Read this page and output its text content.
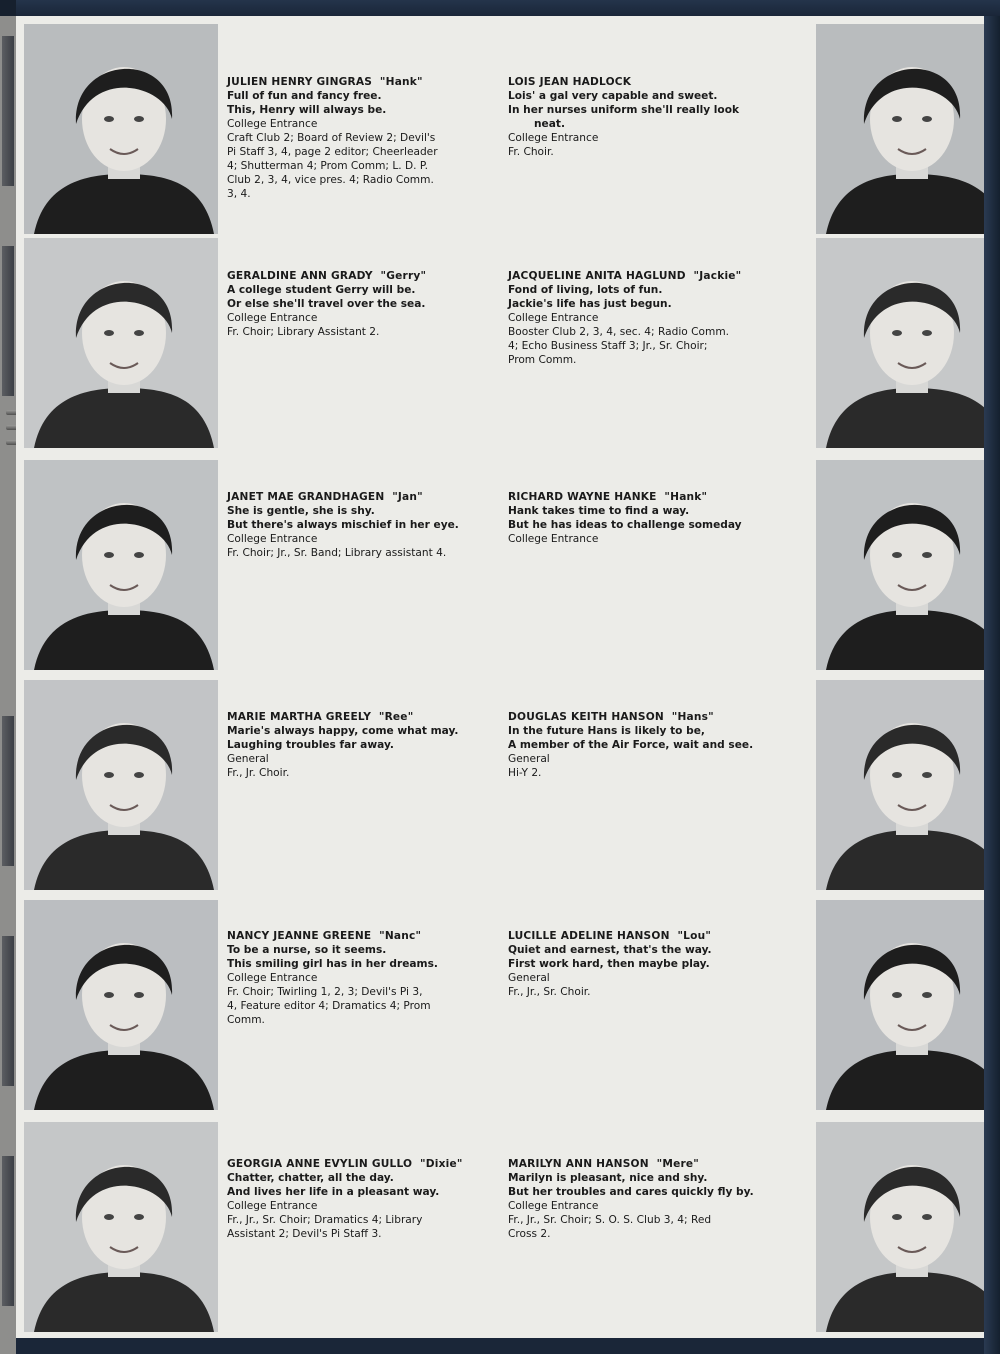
JULIEN HENRY GINGRAS "Hank"
Full of fun and fancy free.
This, Henry will always be.
College Entrance
Craft Club 2; Board of Review 2; Devil's
Pi Staff 3, 4, page 2 editor; Cheerleader
4; Shutterman 4; Prom Comm; L. D. P.
Club 2, 3, 4, vice pres. 4; Radio Comm.
3, 4.
GERALDINE ANN GRADY "Gerry"
A college student Gerry will be.
Or else she'll travel over the sea.
College Entrance
Fr. Choir; Library Assistant 2.
JANET MAE GRANDHAGEN "Jan"
She is gentle, she is shy.
But there's always mischief in her eye.
College Entrance
Fr. Choir; Jr., Sr. Band; Library assistant 4.
MARIE MARTHA GREELY "Ree"
Marie's always happy, come what may.
Laughing troubles far away.
General
Fr., Jr. Choir.
NANCY JEANNE GREENE "Nanc"
To be a nurse, so it seems.
This smiling girl has in her dreams.
College Entrance
Fr. Choir; Twirling 1, 2, 3; Devil's Pi 3,
4, Feature editor 4; Dramatics 4; Prom
Comm.
GEORGIA ANNE EVYLIN GULLO "Dixie"
Chatter, chatter, all the day.
And lives her life in a pleasant way.
College Entrance
Fr., Jr., Sr. Choir; Dramatics 4; Library
Assistant 2; Devil's Pi Staff 3.
LOIS JEAN HADLOCK
Lois' a gal very capable and sweet.
In her nurses uniform she'll really look
neat.
College Entrance
Fr. Choir.
JACQUELINE ANITA HAGLUND "Jackie"
Fond of living, lots of fun.
Jackie's life has just begun.
College Entrance
Booster Club 2, 3, 4, sec. 4; Radio Comm.
4; Echo Business Staff 3; Jr., Sr. Choir;
Prom Comm.
RICHARD WAYNE HANKE "Hank"
Hank takes time to find a way.
But he has ideas to challenge someday
College Entrance
DOUGLAS KEITH HANSON "Hans"
In the future Hans is likely to be,
A member of the Air Force, wait and see.
General
Hi-Y 2.
LUCILLE ADELINE HANSON "Lou"
Quiet and earnest, that's the way.
First work hard, then maybe play.
General
Fr., Jr., Sr. Choir.
MARILYN ANN HANSON "Mere"
Marilyn is pleasant, nice and shy.
But her troubles and cares quickly fly by.
College Entrance
Fr., Jr., Sr. Choir; S. O. S. Club 3, 4; Red
Cross 2.
